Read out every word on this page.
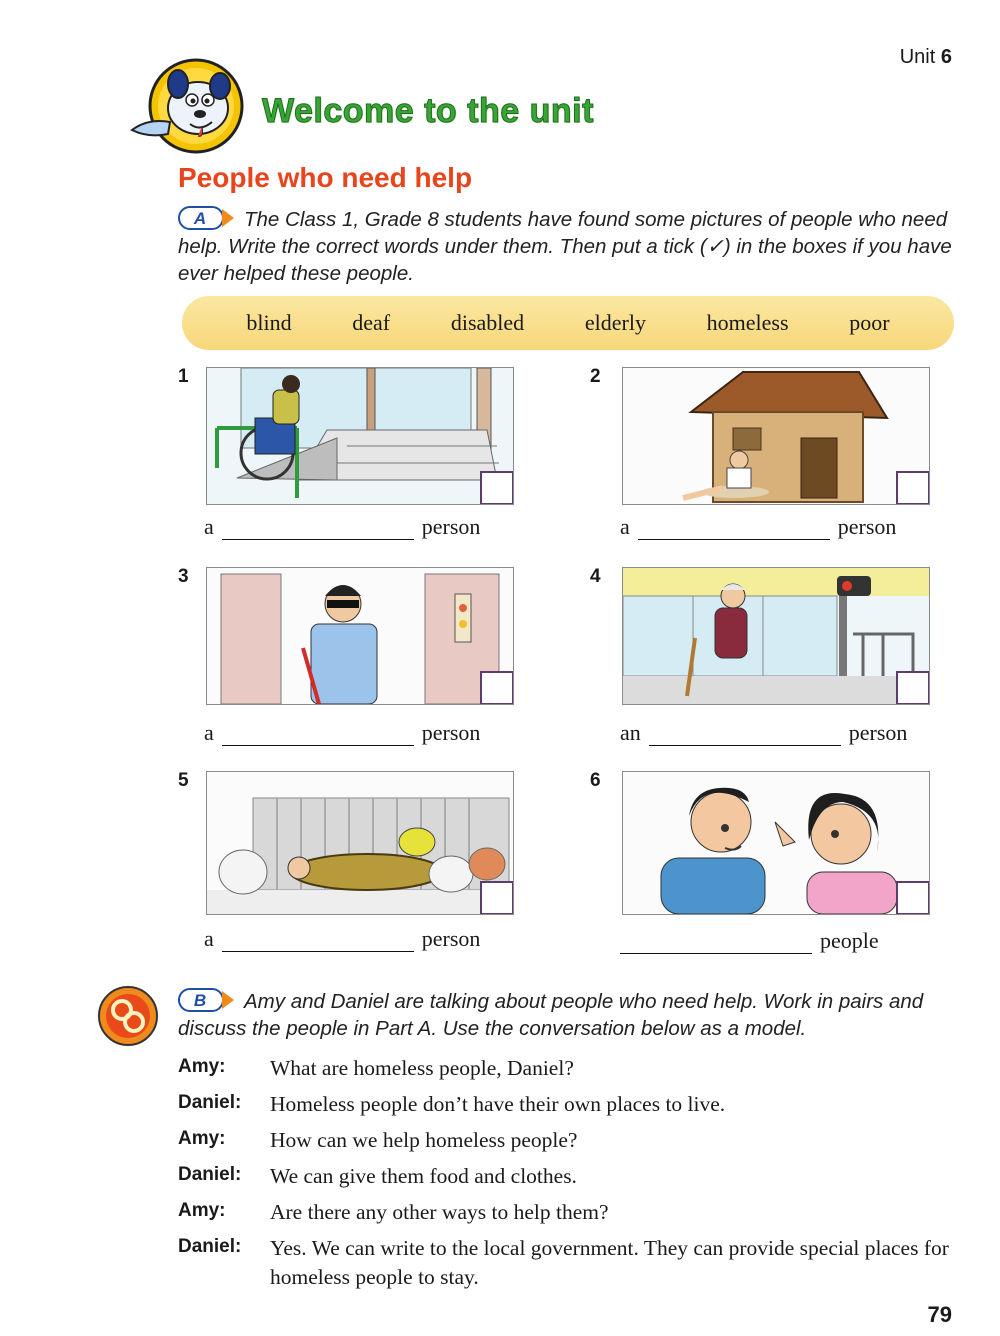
Unit 6
Welcome to the unit
People who need help
A The Class 1, Grade 8 students have found some pictures of people who need help. Write the correct words under them. Then put a tick (✓) in the boxes if you have ever helped these people.
blind	deaf	disabled	elderly	homeless	poor
1
a	person
2
a	person
3
a	person
4
an	person
5
a	person
6
people
B Amy and Daniel are talking about people who need help. Work in pairs and discuss the people in Part A. Use the conversation below as a model.
Amy:	What are homeless people, Daniel?
Daniel:	Homeless people don’t have their own places to live.
Amy:	How can we help homeless people?
Daniel:	We can give them food and clothes.
Amy:	Are there any other ways to help them?
Daniel:	Yes. We can write to the local government. They can provide special places for homeless people to stay.
79
